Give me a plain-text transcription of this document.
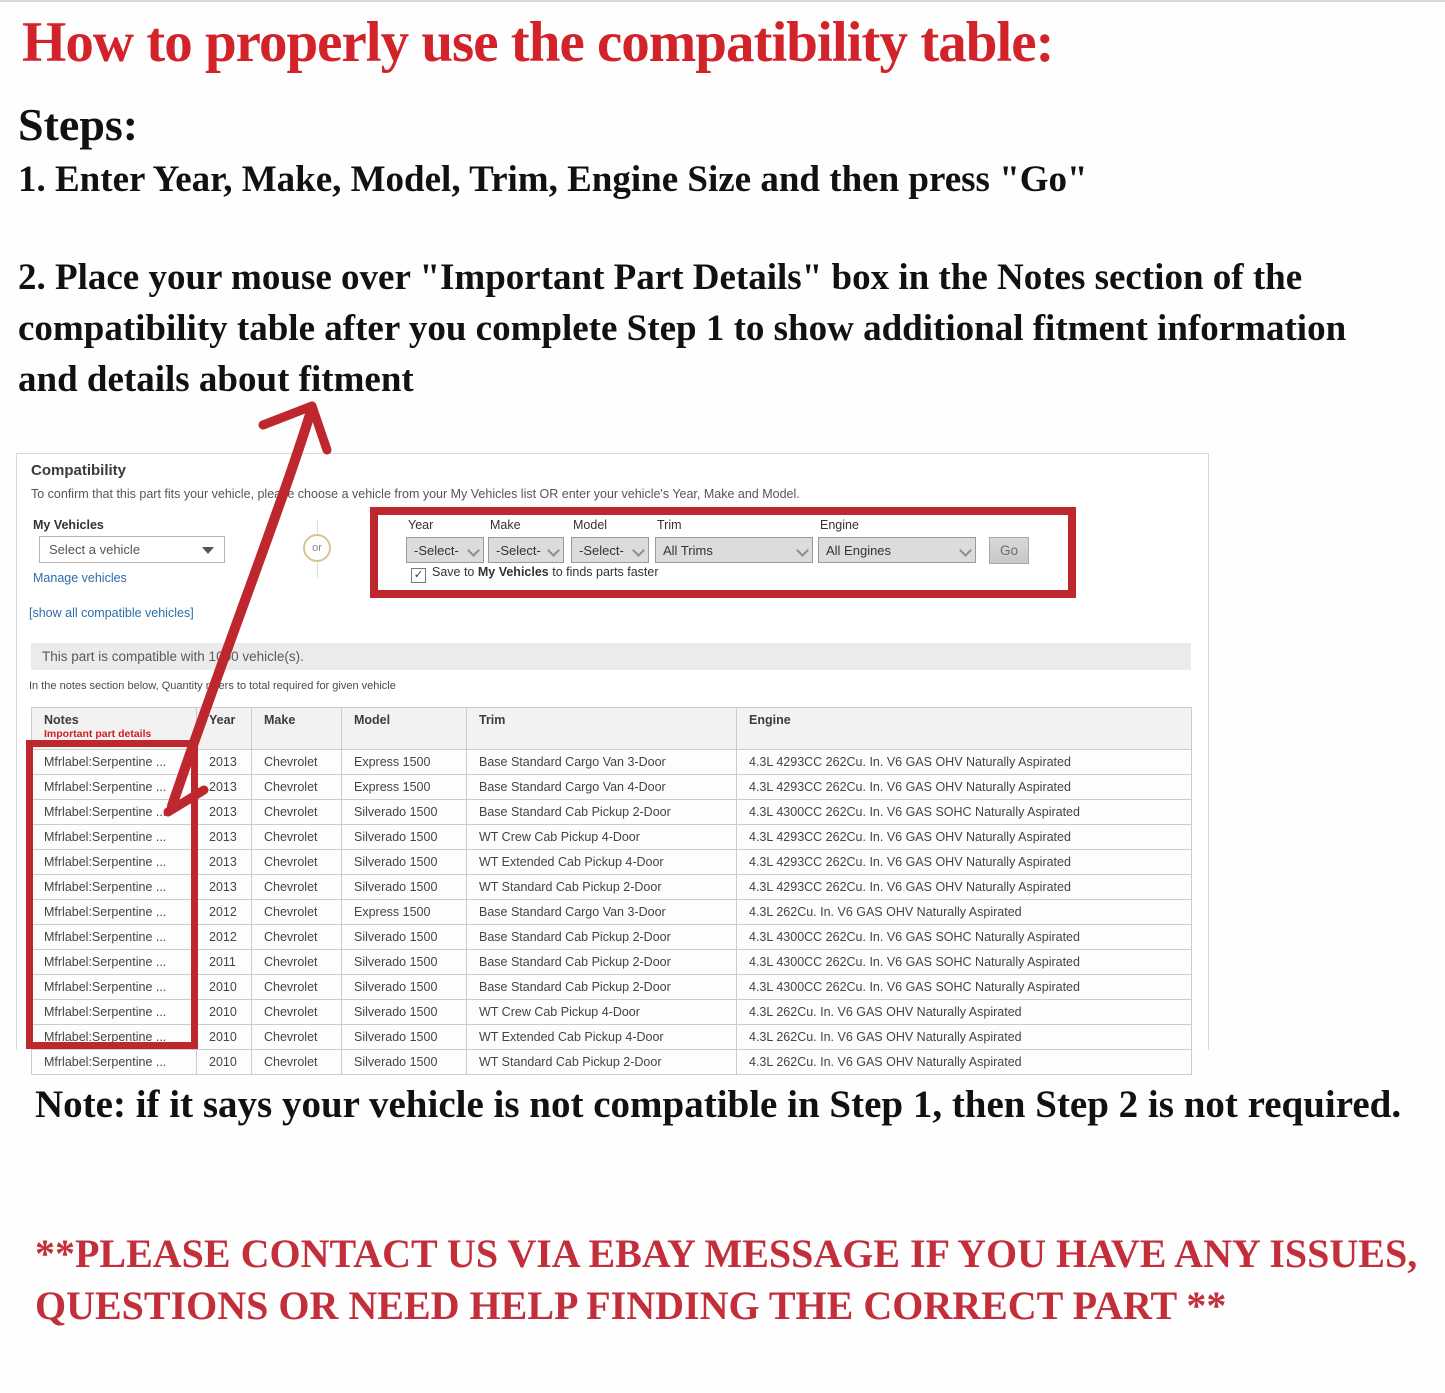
How to properly use the compatibility table:
Steps:
1. Enter Year, Make, Model, Trim, Engine Size and then press "Go"
2. Place your mouse over "Important Part Details" box in the Notes section of the compatibility table after you complete Step 1 to show additional fitment information and details about fitment
Compatibility
To confirm that this part fits your vehicle, please choose a vehicle from your My Vehicles list OR enter your vehicle's Year, Make and Model.
My Vehicles
Select a vehicle
Manage vehicles
[show all compatible vehicles]
or
Year
-Select-
Make
-Select-
Model
-Select-
Trim
All Trims
Engine
All Engines	Go
✓ Save to My Vehicles to finds parts faster
This part is compatible with 1000 vehicle(s).
In the notes section below, Quantity refers to total required for given vehicle
Notes
Important part details	Year	Make	Model	Trim	Engine
Mfrlabel:Serpentine ...	2013	Chevrolet	Express 1500	Base Standard Cargo Van 3-Door	4.3L 4293CC 262Cu. In. V6 GAS OHV Naturally Aspirated
Mfrlabel:Serpentine ...	2013	Chevrolet	Express 1500	Base Standard Cargo Van 4-Door	4.3L 4293CC 262Cu. In. V6 GAS OHV Naturally Aspirated
Mfrlabel:Serpentine ...	2013	Chevrolet	Silverado 1500	Base Standard Cab Pickup 2-Door	4.3L 4300CC 262Cu. In. V6 GAS SOHC Naturally Aspirated
Mfrlabel:Serpentine ...	2013	Chevrolet	Silverado 1500	WT Crew Cab Pickup 4-Door	4.3L 4293CC 262Cu. In. V6 GAS OHV Naturally Aspirated
Mfrlabel:Serpentine ...	2013	Chevrolet	Silverado 1500	WT Extended Cab Pickup 4-Door	4.3L 4293CC 262Cu. In. V6 GAS OHV Naturally Aspirated
Mfrlabel:Serpentine ...	2013	Chevrolet	Silverado 1500	WT Standard Cab Pickup 2-Door	4.3L 4293CC 262Cu. In. V6 GAS OHV Naturally Aspirated
Mfrlabel:Serpentine ...	2012	Chevrolet	Express 1500	Base Standard Cargo Van 3-Door	4.3L 262Cu. In. V6 GAS OHV Naturally Aspirated
Mfrlabel:Serpentine ...	2012	Chevrolet	Silverado 1500	Base Standard Cab Pickup 2-Door	4.3L 4300CC 262Cu. In. V6 GAS SOHC Naturally Aspirated
Mfrlabel:Serpentine ...	2011	Chevrolet	Silverado 1500	Base Standard Cab Pickup 2-Door	4.3L 4300CC 262Cu. In. V6 GAS SOHC Naturally Aspirated
Mfrlabel:Serpentine ...	2010	Chevrolet	Silverado 1500	Base Standard Cab Pickup 2-Door	4.3L 4300CC 262Cu. In. V6 GAS SOHC Naturally Aspirated
Mfrlabel:Serpentine ...	2010	Chevrolet	Silverado 1500	WT Crew Cab Pickup 4-Door	4.3L 262Cu. In. V6 GAS OHV Naturally Aspirated
Mfrlabel:Serpentine ...	2010	Chevrolet	Silverado 1500	WT Extended Cab Pickup 4-Door	4.3L 262Cu. In. V6 GAS OHV Naturally Aspirated
Mfrlabel:Serpentine ...	2010	Chevrolet	Silverado 1500	WT Standard Cab Pickup 2-Door	4.3L 262Cu. In. V6 GAS OHV Naturally Aspirated
Note: if it says your vehicle is not compatible in Step 1, then Step 2 is not required.
**PLEASE CONTACT US VIA EBAY MESSAGE IF YOU HAVE ANY ISSUES, QUESTIONS OR NEED HELP FINDING THE CORRECT PART **
